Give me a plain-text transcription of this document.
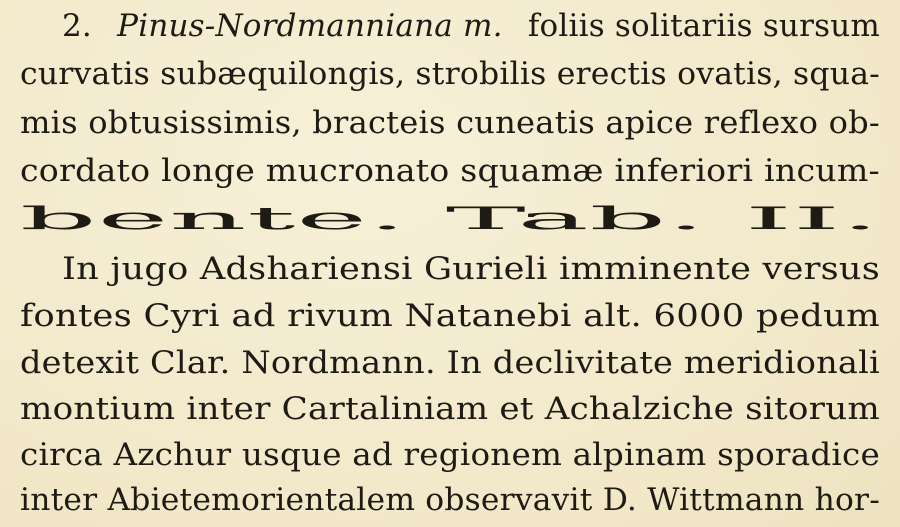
2. Pinus-Nordmanniana m. foliis solitariis sursum
curvatis subæquilongis, strobilis erectis ovatis, squa-
mis obtusissimis, bracteis cuneatis apice reflexo ob-
cordato longe mucronato squamæ inferiori incum-
bente. Tab. II.
In jugo Adshariensi Gurieli imminente versus
fontes Cyri ad rivum Natanebi alt. 6000 pedum
detexit Clar. Nordmann. In declivitate meridionali
montium inter Cartaliniam et Achalziche sitorum
circa Azchur usque ad regionem alpinam sporadice
inter Abietemorientalem observavit D. Wittmann hor-
